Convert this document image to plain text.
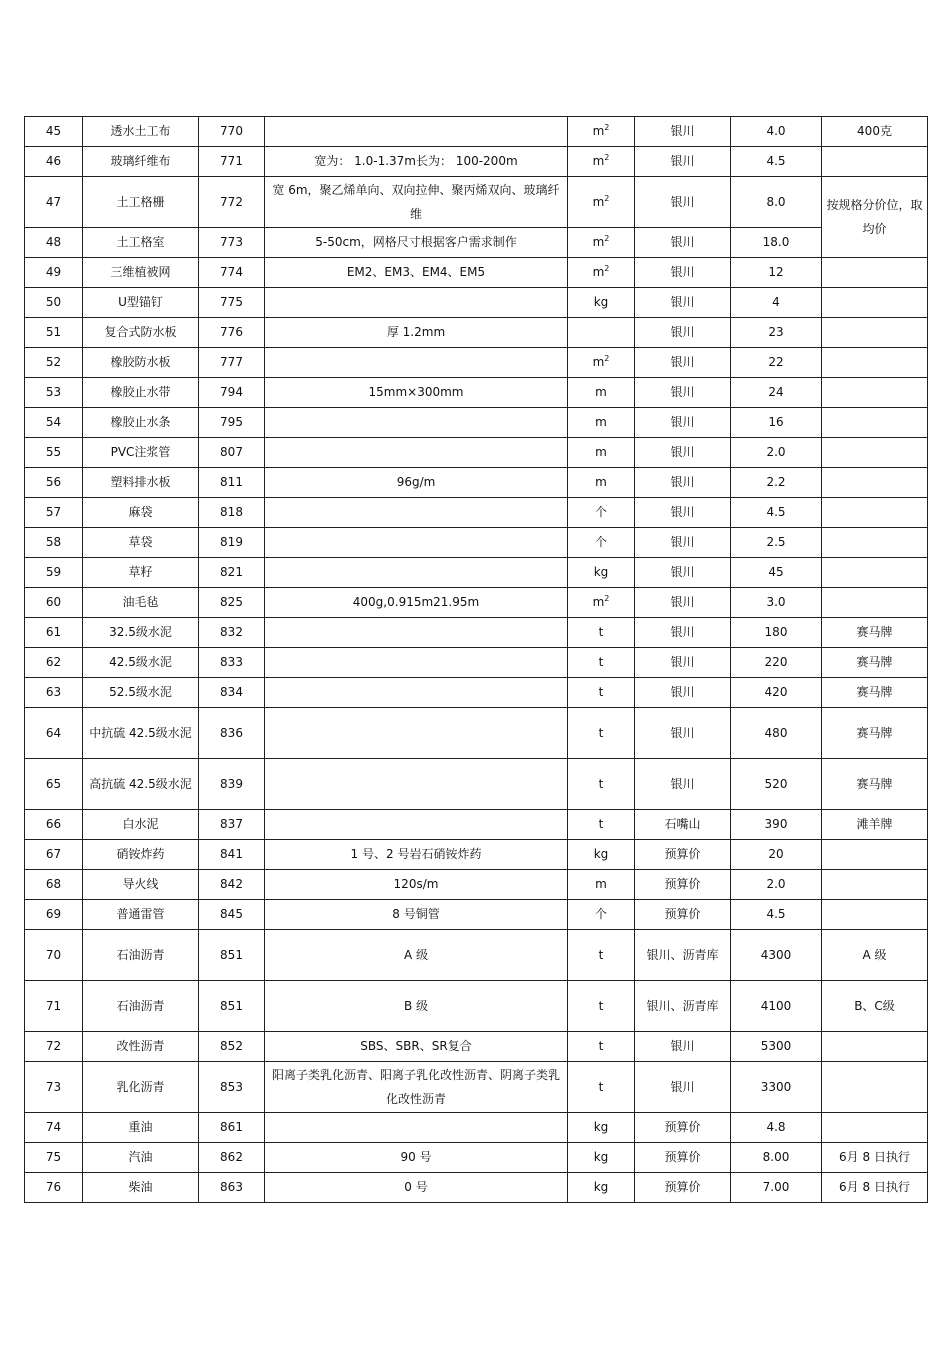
45	透水土工布	770		$m^2$	银川	4.0	400克
46	玻璃纤维布	771	宽为： 1.0-1.37m长为： 100-200m	$m^2$	银川	4.5	
47	土工格栅	772	宽 6m，聚乙烯单向、双向拉伸、聚丙烯双向、玻璃纤维	$m^2$	银川	8.0	按规格分价位，取均价
48	土工格室	773	5-50cm，网格尺寸根据客户需求制作	$m^2$	银川	18.0	
49	三维植被网	774	EM2、EM3、EM4、EM5	$m^2$	银川	12	
50	U型锚钉	775		kg	银川	4	
51	复合式防水板	776	厚 1.2mm		银川	23	
52	橡胶防水板	777		$m^2$	银川	22	
53	橡胶止水带	794	15mm×300mm	m	银川	24	
54	橡胶止水条	795		m	银川	16	
55	PVC注浆管	807		m	银川	2.0	
56	塑料排水板	811	96g/m	m	银川	2.2	
57	麻袋	818		个	银川	4.5	
58	草袋	819		个	银川	2.5	
59	草籽	821		kg	银川	45	
60	油毛毡	825	400g,0.915m21.95m	$m^2$	银川	3.0	
61	32.5级水泥	832		t	银川	180	赛马牌
62	42.5级水泥	833		t	银川	220	赛马牌
63	52.5级水泥	834		t	银川	420	赛马牌
64	中抗硫 42.5级水泥	836		t	银川	480	赛马牌
65	高抗硫 42.5级水泥	839		t	银川	520	赛马牌
66	白水泥	837		t	石嘴山	390	滩羊牌
67	硝铵炸药	841	1 号、2 号岩石硝铵炸药	kg	预算价	20	
68	导火线	842	120s/m	m	预算价	2.0	
69	普通雷管	845	8 号铜管	个	预算价	4.5	
70	石油沥青	851	A 级	t	银川、沥青库	4300	A 级
71	石油沥青	851	B 级	t	银川、沥青库	4100	B、C级
72	改性沥青	852	SBS、SBR、SR复合	t	银川	5300	
73	乳化沥青	853	阳离子类乳化沥青、阳离子乳化改性沥青、阴离子类乳化改性沥青	t	银川	3300	
74	重油	861		kg	预算价	4.8	
75	汽油	862	90 号	kg	预算价	8.00	6月 8 日执行
76	柴油	863	0 号	kg	预算价	7.00	6月 8 日执行
